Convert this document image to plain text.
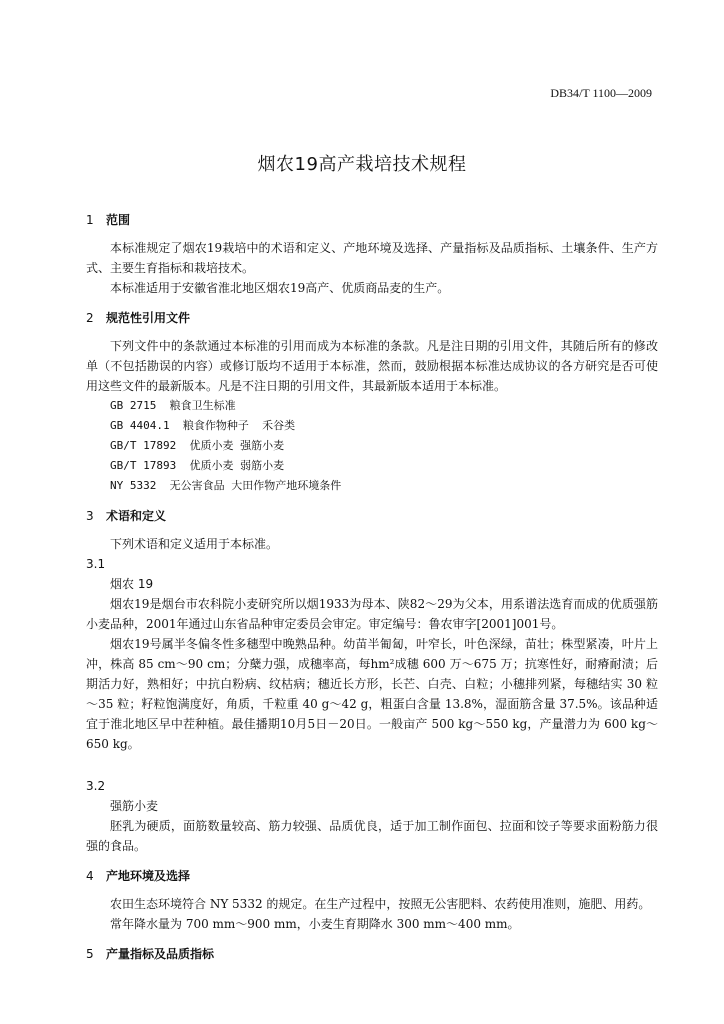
DB34/T 1100—2009
烟农19高产栽培技术规程
1 范围

本标准规定了烟农19栽培中的术语和定义、产地环境及选择、产量指标及品质指标、土壤条件、生产方式、主要生育指标和栽培技术。

本标准适用于安徽省淮北地区烟农19高产、优质商品麦的生产。

2 规范性引用文件

下列文件中的条款通过本标准的引用而成为本标准的条款。凡是注日期的引用文件，其随后所有的修改单（不包括勘误的内容）或修订版均不适用于本标准，然而，鼓励根据本标准达成协议的各方研究是否可使用这些文件的最新版本。凡是不注日期的引用文件，其最新版本适用于本标准。

GB 2715  粮食卫生标准
GB 4404.1  粮食作物种子  禾谷类
GB/T 17892  优质小麦 强筋小麦
GB/T 17893  优质小麦 弱筋小麦
NY 5332  无公害食品 大田作物产地环境条件
3 术语和定义

下列术语和定义适用于本标准。

3.1
烟农 19

烟农19是烟台市农科院小麦研究所以烟1933为母本、陕82～29为父本，用系谱法选育而成的优质强筋小麦品种，2001年通过山东省品种审定委员会审定。审定编号：鲁农审字[2001]001号。

烟农19号属半冬偏冬性多穗型中晚熟品种。幼苗半匍匐，叶窄长，叶色深绿，苗壮；株型紧凑，叶片上冲，株高 85 cm～90 cm；分蘖力强，成穗率高，每hm²成穗 600 万～675 万；抗寒性好，耐瘠耐渍；后期活力好，熟相好；中抗白粉病、纹枯病；穗近长方形，长芒、白壳、白粒；小穗排列紧，每穗结实 30 粒～35 粒；籽粒饱满度好，角质，千粒重 40 g～42 g，粗蛋白含量 13.8%，湿面筋含量 37.5%。该品种适宜于淮北地区早中茬种植。最佳播期10月5日－20日。一般亩产 500 kg～550 kg，产量潜力为 600 kg～650 kg。

3.2
强筋小麦

胚乳为硬质，面筋数量较高、筋力较强、品质优良，适于加工制作面包、拉面和饺子等要求面粉筋力很强的食品。

4 产地环境及选择

农田生态环境符合 NY 5332 的规定。在生产过程中，按照无公害肥料、农药使用准则，施肥、用药。

常年降水量为 700 mm～900 mm，小麦生育期降水 300 mm～400 mm。

5 产量指标及品质指标
